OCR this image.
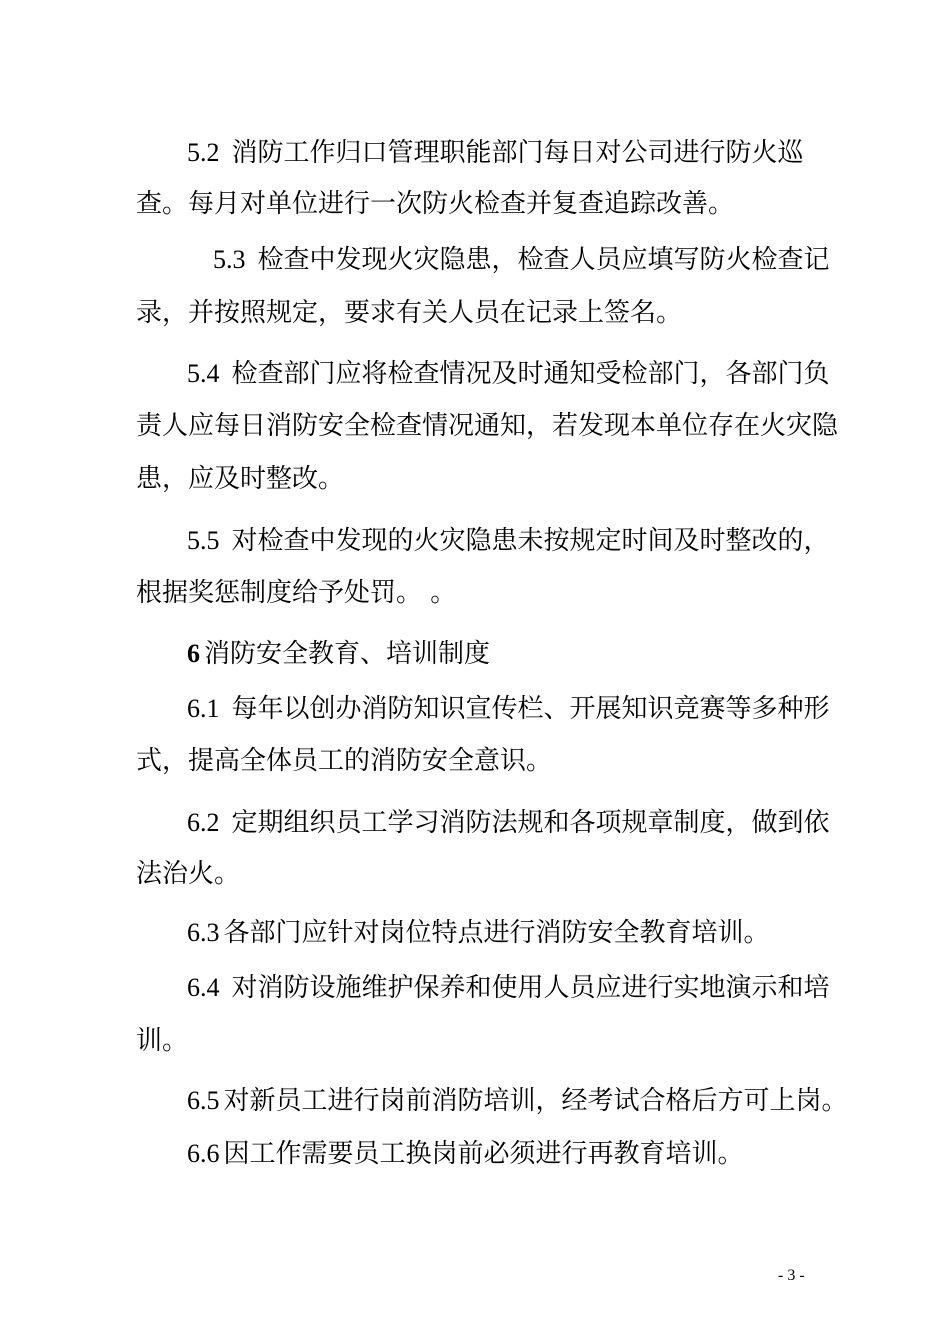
5.2 消防工作归口管理职能部门每日对公司进行防火巡
查。每月对单位进行一次防火检查并复查追踪改善。
5.3 检查中发现火灾隐患，检查人员应填写防火检查记
录，并按照规定，要求有关人员在记录上签名。
5.4 检查部门应将检查情况及时通知受检部门，各部门负
责人应每日消防安全检查情况通知，若发现本单位存在火灾隐
患，应及时整改。
5.5 对检查中发现的火灾隐患未按规定时间及时整改的，
根据奖惩制度给予处罚。 。
6 消防安全教育、培训制度
6.1 每年以创办消防知识宣传栏、开展知识竞赛等多种形
式，提高全体员工的消防安全意识。
6.2 定期组织员工学习消防法规和各项规章制度，做到依
法治火。
6.3 各部门应针对岗位特点进行消防安全教育培训。
6.4 对消防设施维护保养和使用人员应进行实地演示和培
训。
6.5 对新员工进行岗前消防培训，经考试合格后方可上岗。
6.6 因工作需要员工换岗前必须进行再教育培训。
- 3 -
